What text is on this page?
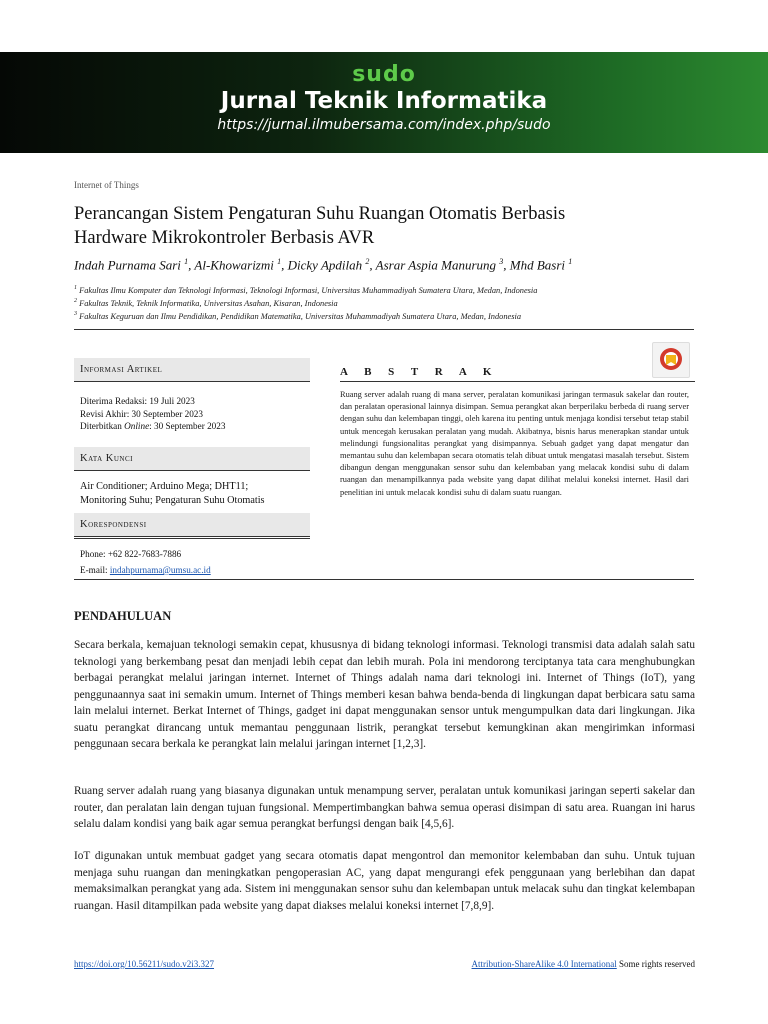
sudo
Jurnal Teknik Informatika
https://jurnal.ilmubersama.com/index.php/sudo
Internet of Things
Perancangan Sistem Pengaturan Suhu Ruangan Otomatis Berbasis
Hardware Mikrokontroler Berbasis AVR
Indah Purnama Sari $^1$, Al-Khowarizmi $^1$, Dicky Apdilah $^2$, Asrar Aspia Manurung $^3$, Mhd Basri $^1$
$^1$ Fakultas Ilmu Komputer dan Teknologi Informasi, Teknologi Informasi, Universitas Muhammadiyah Sumatera Utara, Medan, Indonesia
$^2$ Fakultas Teknik, Teknik Informatika, Universitas Asahan, Kisaran, Indonesia
$^3$ Fakultas Keguruan dan Ilmu Pendidikan, Pendidikan Matematika, Universitas Muhammadiyah Sumatera Utara, Medan, Indonesia
Informasi Artikel
Diterima Redaksi: 19 Juli 2023
Revisi Akhir: 30 September 2023
Diterbitkan Online: 30 September 2023
Kata Kunci
Air Conditioner; Arduino Mega; DHT11;
Monitoring Suhu; Pengaturan Suhu Otomatis
Korespondensi
Phone: +62 822-7683-7886
E-mail: indahpurnama@umsu.ac.id
A B S T R A K
Ruang server adalah ruang di mana server, peralatan komunikasi jaringan termasuk sakelar dan router, dan peralatan operasional lainnya disimpan. Semua perangkat akan berperilaku berbeda di ruang server dengan suhu dan kelembapan tinggi, oleh karena itu penting untuk menjaga kondisi tersebut tetap stabil untuk mencegah kerusakan peralatan yang mudah. Akibatnya, bisnis harus menerapkan standar untuk melindungi fungsionalitas perangkat yang disimpannya. Sebuah gadget yang dapat mengatur dan memantau suhu dan kelembapan secara otomatis telah dibuat untuk mengatasi masalah tersebut. Sistem dibangun dengan menggunakan sensor suhu dan kelembaban yang melacak kondisi suhu di dalam ruangan dan menampilkannya pada website yang dapat dilihat melalui koneksi internet. Hasil dari penelitian ini untuk melacak kondisi suhu di dalam suatu ruangan.
PENDAHULUAN
Secara berkala, kemajuan teknologi semakin cepat, khususnya di bidang teknologi informasi. Teknologi transmisi data adalah salah satu teknologi yang berkembang pesat dan menjadi lebih cepat dan lebih murah. Pola ini mendorong terciptanya tata cara menghubungkan berbagai perangkat melalui jaringan internet. Internet of Things adalah nama dari teknologi ini. Internet of Things (IoT), yang penggunaannya saat ini semakin umum. Internet of Things memberi kesan bahwa benda-benda di lingkungan dapat berbicara satu sama lain melalui internet. Berkat Internet of Things, gadget ini dapat menggunakan sensor untuk mengumpulkan data dari lingkungan. Jika suatu perangkat dirancang untuk memantau penggunaan listrik, perangkat tersebut kemungkinan akan mengirimkan informasi penggunaan secara berkala ke perangkat lain melalui jaringan internet [1,2,3].
Ruang server adalah ruang yang biasanya digunakan untuk menampung server, peralatan untuk komunikasi jaringan seperti sakelar dan router, dan peralatan lain dengan tujuan fungsional. Mempertimbangkan bahwa semua operasi disimpan di satu area. Ruangan ini harus selalu dalam kondisi yang baik agar semua perangkat berfungsi dengan baik [4,5,6].
IoT digunakan untuk membuat gadget yang secara otomatis dapat mengontrol dan memonitor kelembaban dan suhu. Untuk tujuan menjaga suhu ruangan dan meningkatkan pengoperasian AC, yang dapat mengurangi efek penggunaan yang berlebihan dan dapat memaksimalkan perangkat yang ada. Sistem ini menggunakan sensor suhu dan kelembapan untuk melacak suhu dan tingkat kelembapan ruangan. Hasil ditampilkan pada website yang dapat diakses melalui koneksi internet [7,8,9].
https://doi.org/10.56211/sudo.v2i3.327	Attribution-ShareAlike 4.0 International Some rights reserved
